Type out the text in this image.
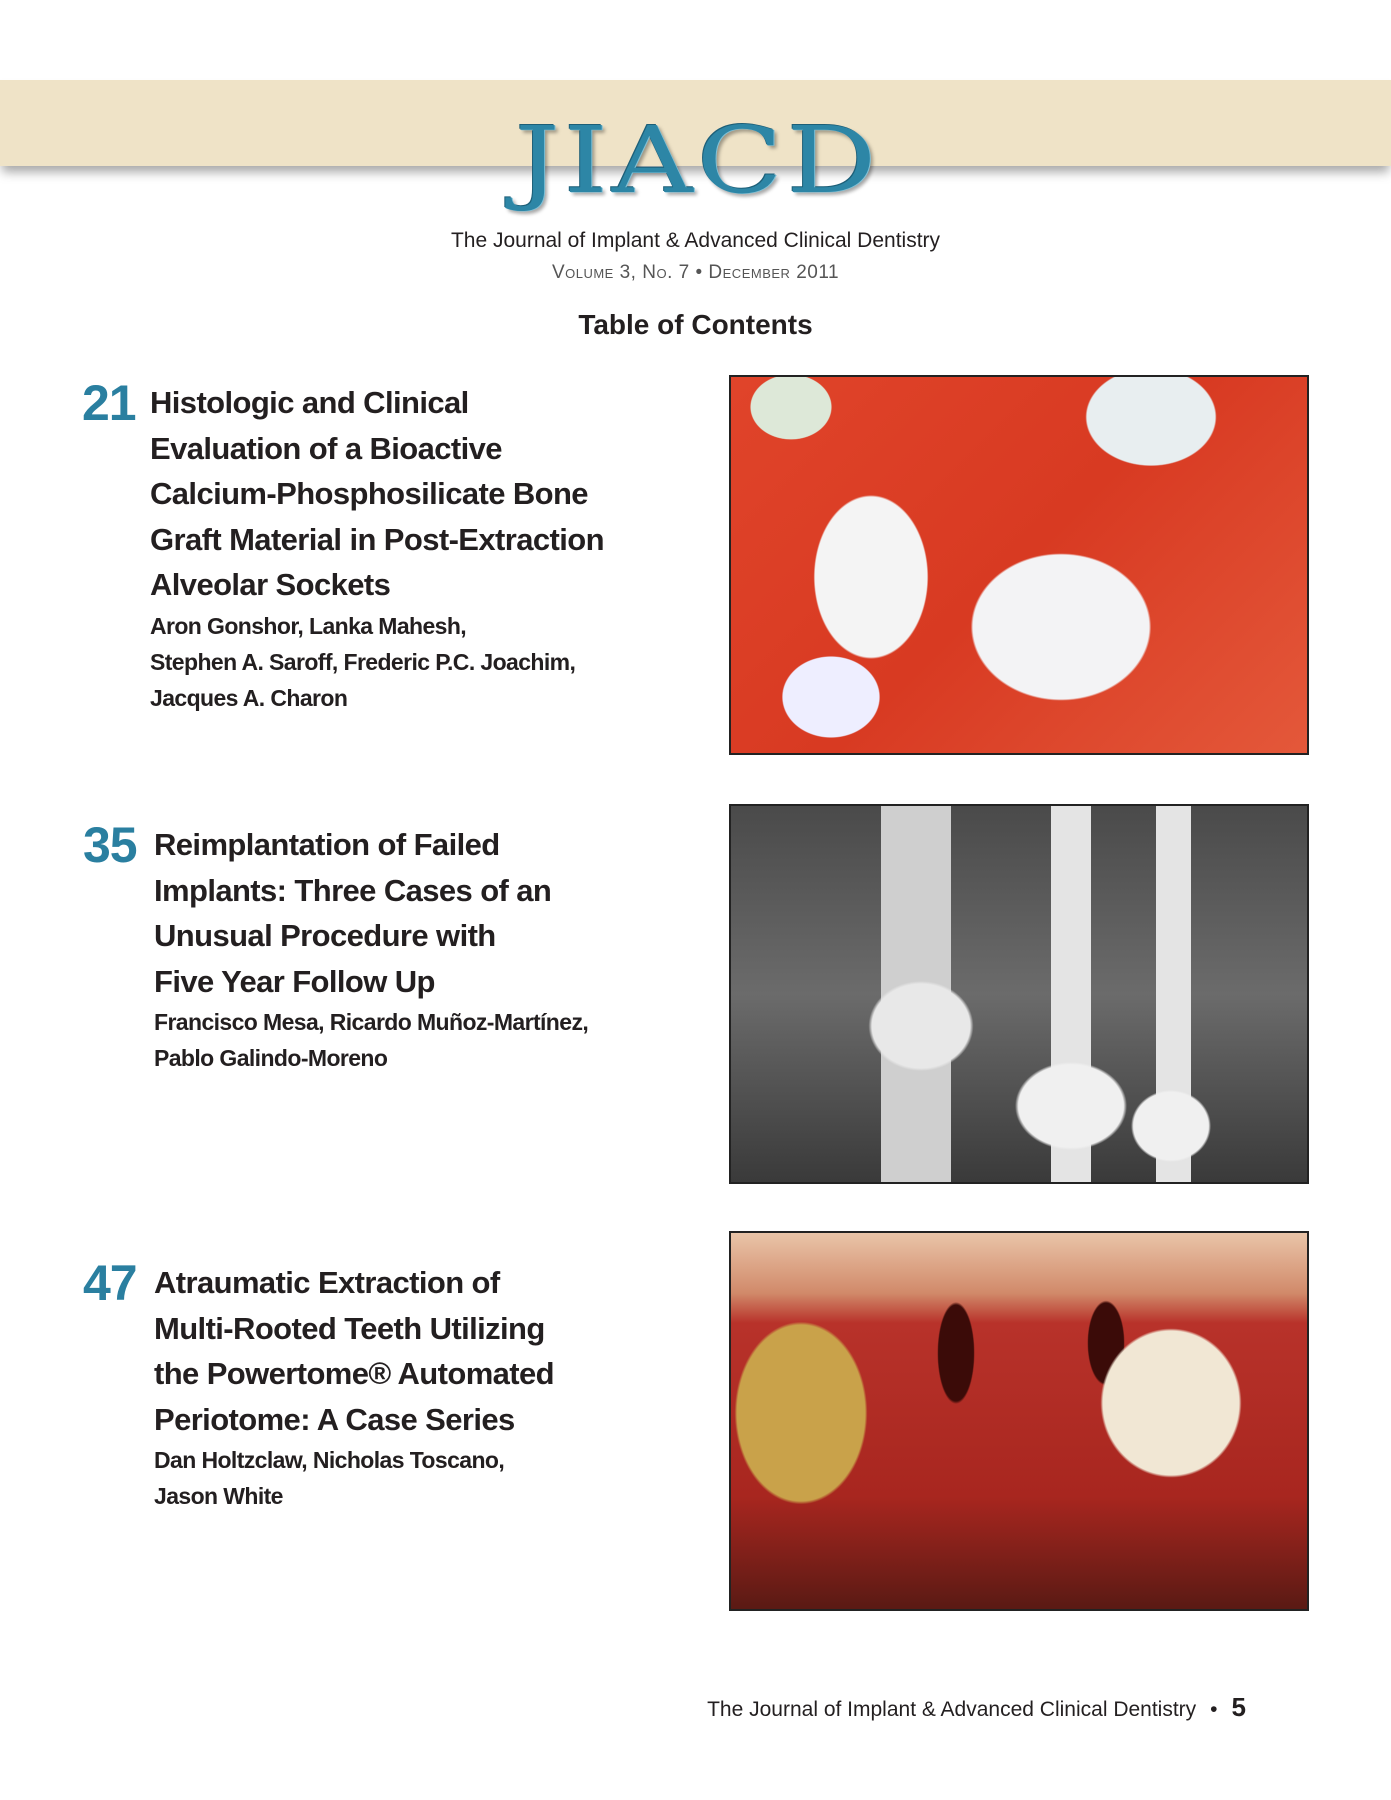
JIACD
The Journal of Implant & Advanced Clinical Dentistry
Volume 3, No. 7 • December 2011
Table of Contents
21 Histologic and Clinical
Evaluation of a Bioactive
Calcium-Phosphosilicate Bone
Graft Material in Post-Extraction
Alveolar Sockets
Aron Gonshor, Lanka Mahesh,
Stephen A. Saroff, Frederic P.C. Joachim,
Jacques A. Charon
35 Reimplantation of Failed
Implants: Three Cases of an
Unusual Procedure with
Five Year Follow Up
Francisco Mesa, Ricardo Muñoz-Martínez,
Pablo Galindo-Moreno
47 Atraumatic Extraction of
Multi-Rooted Teeth Utilizing
the Powertome® Automated
Periotome: A Case Series
Dan Holtzclaw, Nicholas Toscano,
Jason White
The Journal of Implant & Advanced Clinical Dentistry • 5
